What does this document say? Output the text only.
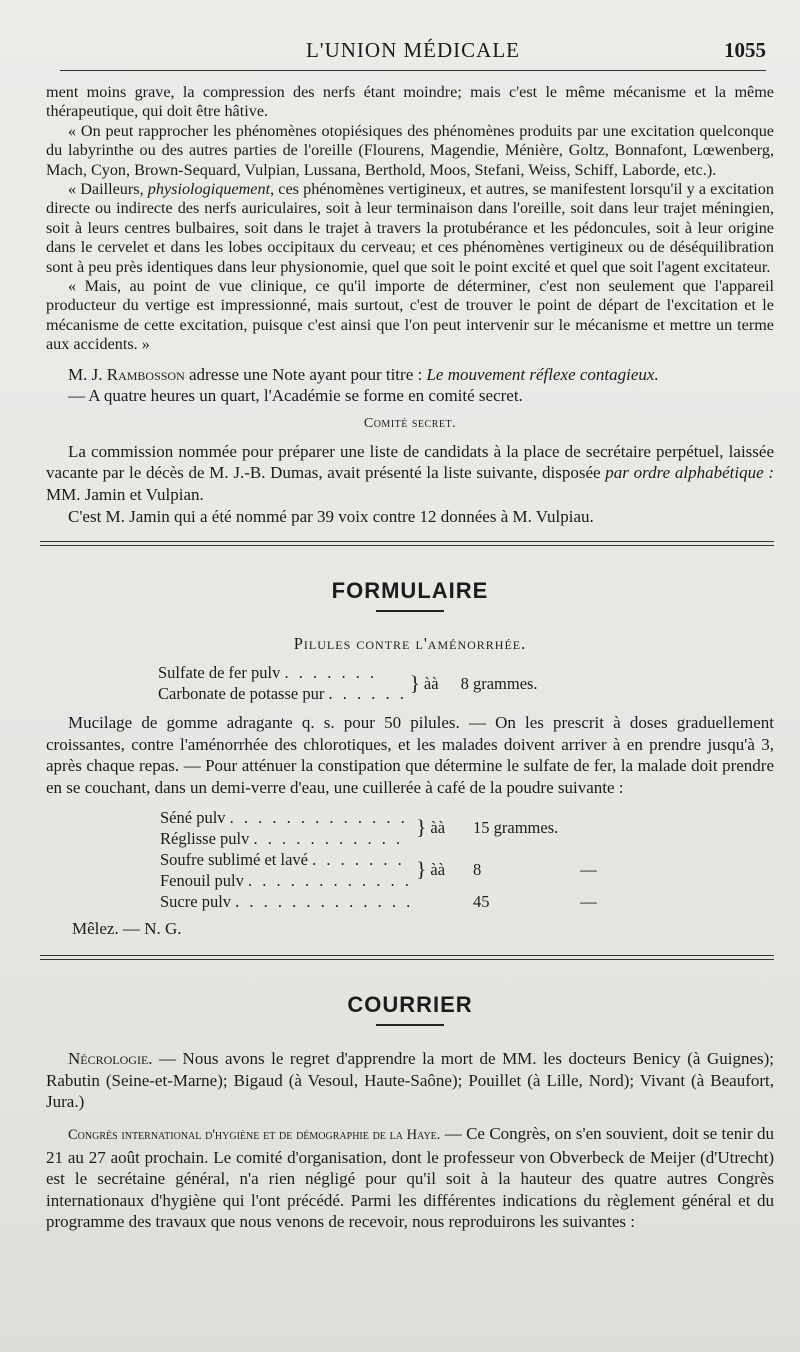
L'UNION MÉDICALE	1055

ment moins grave, la compression des nerfs étant moindre; mais c'est le même mécanisme et la même thérapeutique, qui doit être hâtive.

« On peut rapprocher les phénomènes otopiésiques des phénomènes produits par une excitation quelconque du labyrinthe ou des autres parties de l'oreille (Flourens, Magendie, Ménière, Goltz, Bonnafont, Lœwenberg, Mach, Cyon, Brown-Sequard, Vulpian, Lussana, Berthold, Moos, Stefani, Weiss, Schiff, Laborde, etc.).

« Dailleurs, physiologiquement, ces phénomènes vertigineux, et autres, se manifestent lorsqu'il y a excitation directe ou indirecte des nerfs auriculaires, soit à leur terminaison dans l'oreille, soit dans leur trajet méningien, soit à leurs centres bulbaires, soit dans le trajet à travers la protubérance et les pédoncules, soit à leur origine dans le cervelet et dans les lobes occipitaux du cerveau; et ces phénomènes vertigineux ou de déséquilibration sont à peu près identiques dans leur physionomie, quel que soit le point excité et quel que soit l'agent excitateur.

« Mais, au point de vue clinique, ce qu'il importe de déterminer, c'est non seulement que l'appareil producteur du vertige est impressionné, mais surtout, c'est de trouver le point de départ de l'excitation et le mécanisme de cette excitation, puisque c'est ainsi que l'on peut intervenir sur le mécanisme et mettre un terme aux accidents. »

M. J. Rambosson adresse une Note ayant pour titre : Le mouvement réflexe contagieux.

— A quatre heures un quart, l'Académie se forme en comité secret.

Comité secret.

La commission nommée pour préparer une liste de candidats à la place de secrétaire perpétuel, laissée vacante par le décès de M. J.-B. Dumas, avait présenté la liste suivante, disposée par ordre alphabétique : MM. Jamin et Vulpian.

C'est M. Jamin qui a été nommé par 39 voix contre 12 données à M. Vulpiau.

FORMULAIRE
Pilules contre l'aménorrhée.
Sulfate de fer pulv . . . . . . .	}	àà	8 grammes.
Carbonate de potasse pur . . . . . .

Mucilage de gomme adragante q. s. pour 50 pilules. — On les prescrit à doses graduellement croissantes, contre l'aménorrhée des chlorotiques, et les malades doivent arriver à en prendre jusqu'à 3, après chaque repas. — Pour atténuer la constipation que détermine le sulfate de fer, la malade doit prendre en se couchant, dans un demi-verre d'eau, une cuillerée à café de la poudre suivante :

Séné pulv . . . . . . . . . . . . .	}	àà	15 grammes.	
Réglisse pulv . . . . . . . . . . .				
Soufre sublimé et lavé . . . . . . .	}	àà	8	—
Fenouil pulv . . . . . . . . . . . .				
Sucre pulv . . . . . . . . . . . . .			45	—

Mêlez. — N. G.

COURRIER

Nécrologie. — Nous avons le regret d'apprendre la mort de MM. les docteurs Benicy (à Guignes); Rabutin (Seine-et-Marne); Bigaud (à Vesoul, Haute-Saône); Pouillet (à Lille, Nord); Vivant (à Beaufort, Jura.)

Congrès international d'hygiène et de démographie de la Haye. — Ce Congrès, on s'en souvient, doit se tenir du 21 au 27 août prochain. Le comité d'organisation, dont le professeur von Obverbeck de Meijer (d'Utrecht) est le secrétaine général, n'a rien négligé pour qu'il soit à la hauteur des quatre autres Congrès internationaux d'hygiène qui l'ont précédé. Parmi les différentes indications du règlement général et du programme des travaux que nous venons de recevoir, nous reproduirons les suivantes :
